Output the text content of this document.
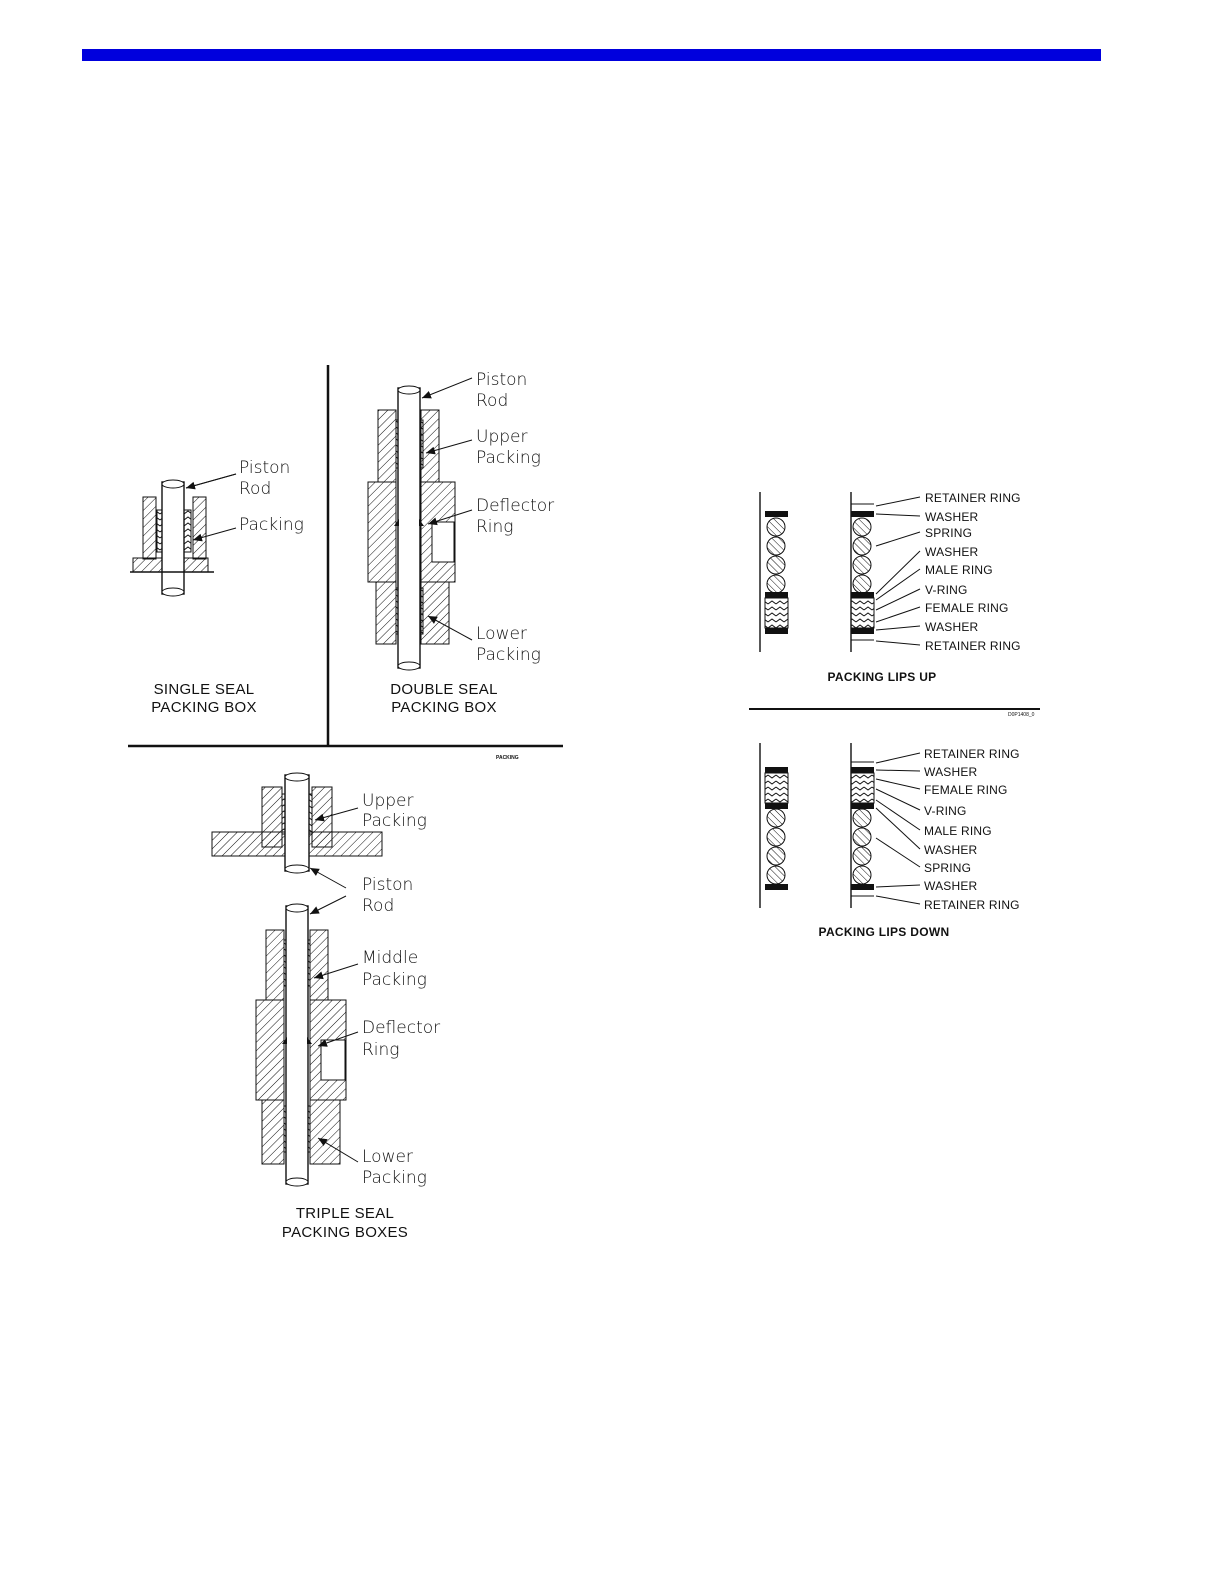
Piston
Rod
Packing
SINGLE SEAL
PACKING BOX
Piston
Rod
Upper
Packing
Deflector
Ring
Lower
Packing
DOUBLE SEAL
PACKING BOX
PACKING
Upper
Packing
Piston
Rod
Middle
Packing
Deflector
Ring
Lower
Packing
TRIPLE SEAL
PACKING BOXES
RETAINER RING
WASHER
SPRING
WASHER
MALE RING
V-RING
FEMALE RING
WASHER
RETAINER RING
PACKING LIPS UP
D0P1408_0
RETAINER RING
WASHER
FEMALE RING
V-RING
MALE RING
WASHER
SPRING
WASHER
RETAINER RING
PACKING LIPS DOWN
